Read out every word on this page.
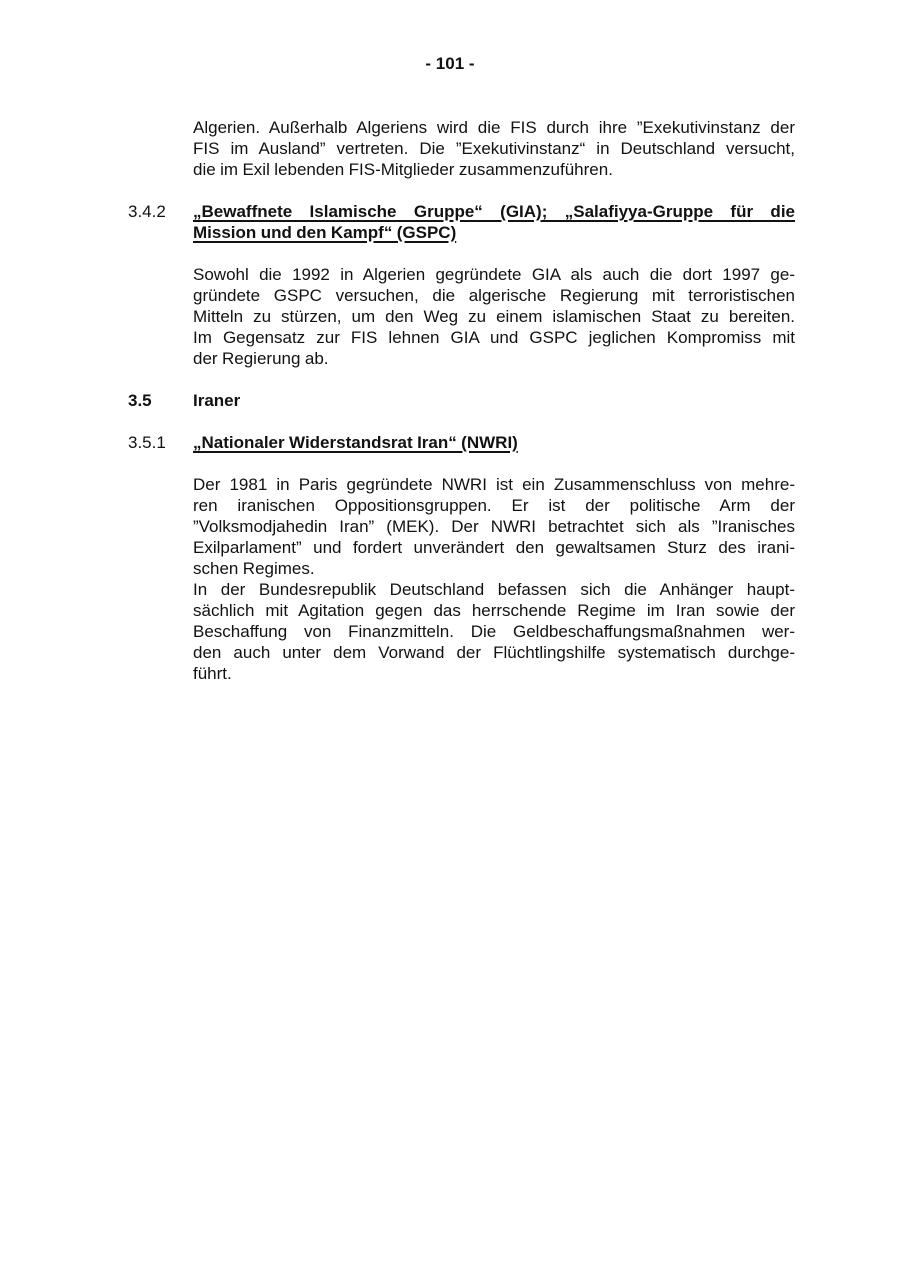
- 101 -
Algerien. Außerhalb Algeriens wird die FIS durch ihre ”Exekutivinstanz der
FIS im Ausland” vertreten. Die ”Exekutivinstanz“ in Deutschland versucht,
die im Exil lebenden FIS-Mitglieder zusammenzuführen.
3.4.2	„Bewaffnete Islamische Gruppe“ (GIA); „Salafiyya-Gruppe für die
Mission und den Kampf“ (GSPC)
Sowohl die 1992 in Algerien gegründete GIA als auch die dort 1997 ge-
gründete GSPC versuchen, die algerische Regierung mit terroristischen
Mitteln zu stürzen, um den Weg zu einem islamischen Staat zu bereiten.
Im Gegensatz zur FIS lehnen GIA und GSPC jeglichen Kompromiss mit
der Regierung ab.
3.5	Iraner
3.5.1	„Nationaler Widerstandsrat Iran“ (NWRI)
Der 1981 in Paris gegründete NWRI ist ein Zusammenschluss von mehre-
ren iranischen Oppositionsgruppen. Er ist der politische Arm der
”Volksmodjahedin Iran” (MEK). Der NWRI betrachtet sich als ”Iranisches
Exilparlament” und fordert unverändert den gewaltsamen Sturz des irani-
schen Regimes.
In der Bundesrepublik Deutschland befassen sich die Anhänger haupt-
sächlich mit Agitation gegen das herrschende Regime im Iran sowie der
Beschaffung von Finanzmitteln. Die Geldbeschaffungsmaßnahmen wer-
den auch unter dem Vorwand der Flüchtlingshilfe systematisch durchge-
führt.
